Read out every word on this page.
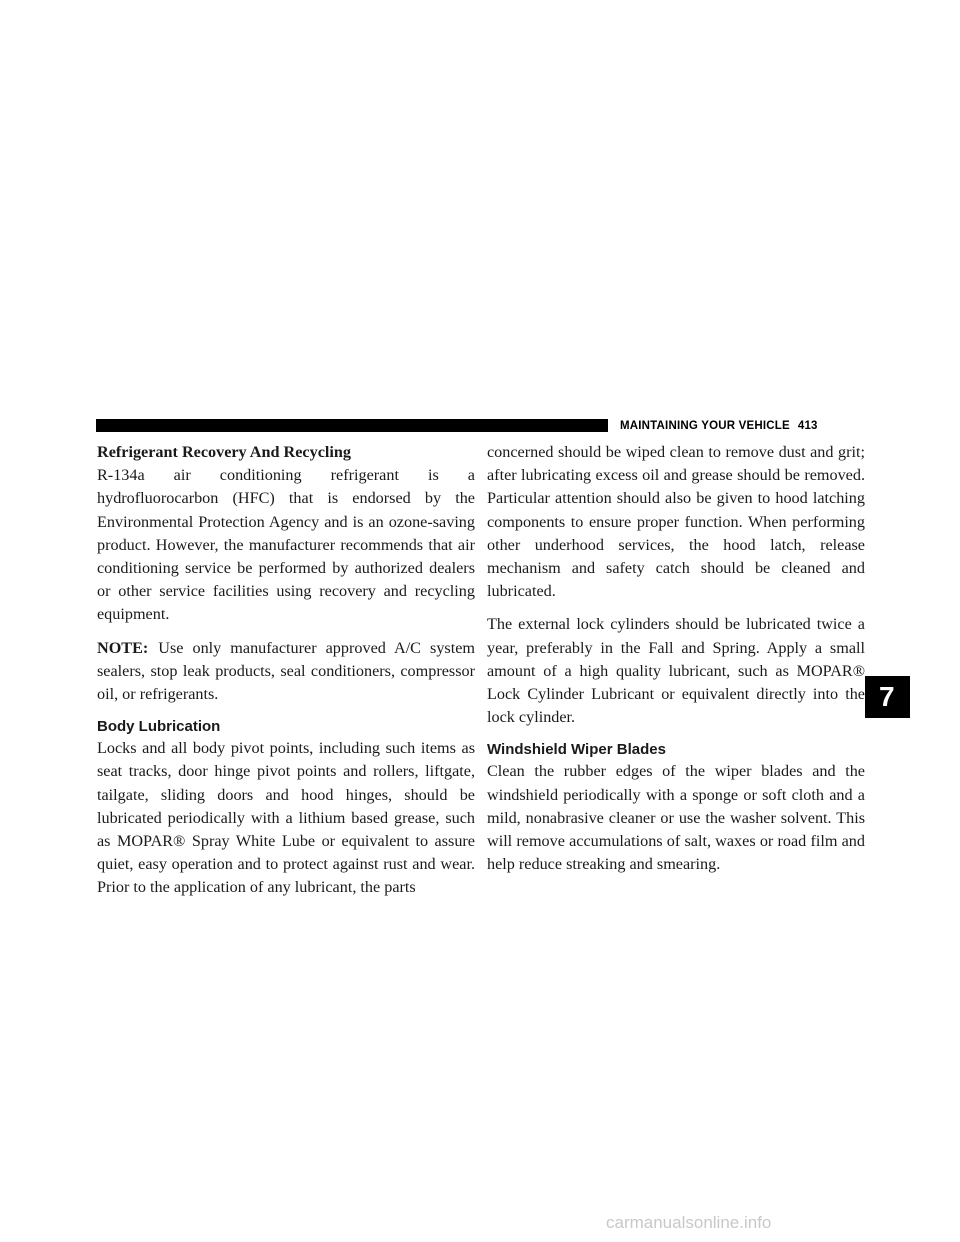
MAINTAINING YOUR VEHICLE 413
Refrigerant Recovery And Recycling

R-134a air conditioning refrigerant is a hydrofluorocarbon (HFC) that is endorsed by the Environmental Protection Agency and is an ozone-saving product. However, the manufacturer recommends that air conditioning service be performed by authorized dealers or other service facilities using recovery and recycling equipment.

NOTE: Use only manufacturer approved A/C system sealers, stop leak products, seal conditioners, compressor oil, or refrigerants.

Body Lubrication

Locks and all body pivot points, including such items as seat tracks, door hinge pivot points and rollers, liftgate, tailgate, sliding doors and hood hinges, should be lubricated periodically with a lithium based grease, such as MOPAR® Spray White Lube or equivalent to assure quiet, easy operation and to protect against rust and wear. Prior to the application of any lubricant, the parts

concerned should be wiped clean to remove dust and grit; after lubricating excess oil and grease should be removed. Particular attention should also be given to hood latching components to ensure proper function. When performing other underhood services, the hood latch, release mechanism and safety catch should be cleaned and lubricated.

The external lock cylinders should be lubricated twice a year, preferably in the Fall and Spring. Apply a small amount of a high quality lubricant, such as MOPAR® Lock Cylinder Lubricant or equivalent directly into the lock cylinder.

Windshield Wiper Blades

Clean the rubber edges of the wiper blades and the windshield periodically with a sponge or soft cloth and a mild, nonabrasive cleaner or use the washer solvent. This will remove accumulations of salt, waxes or road film and help reduce streaking and smearing.

7
carmanualsonline.info
